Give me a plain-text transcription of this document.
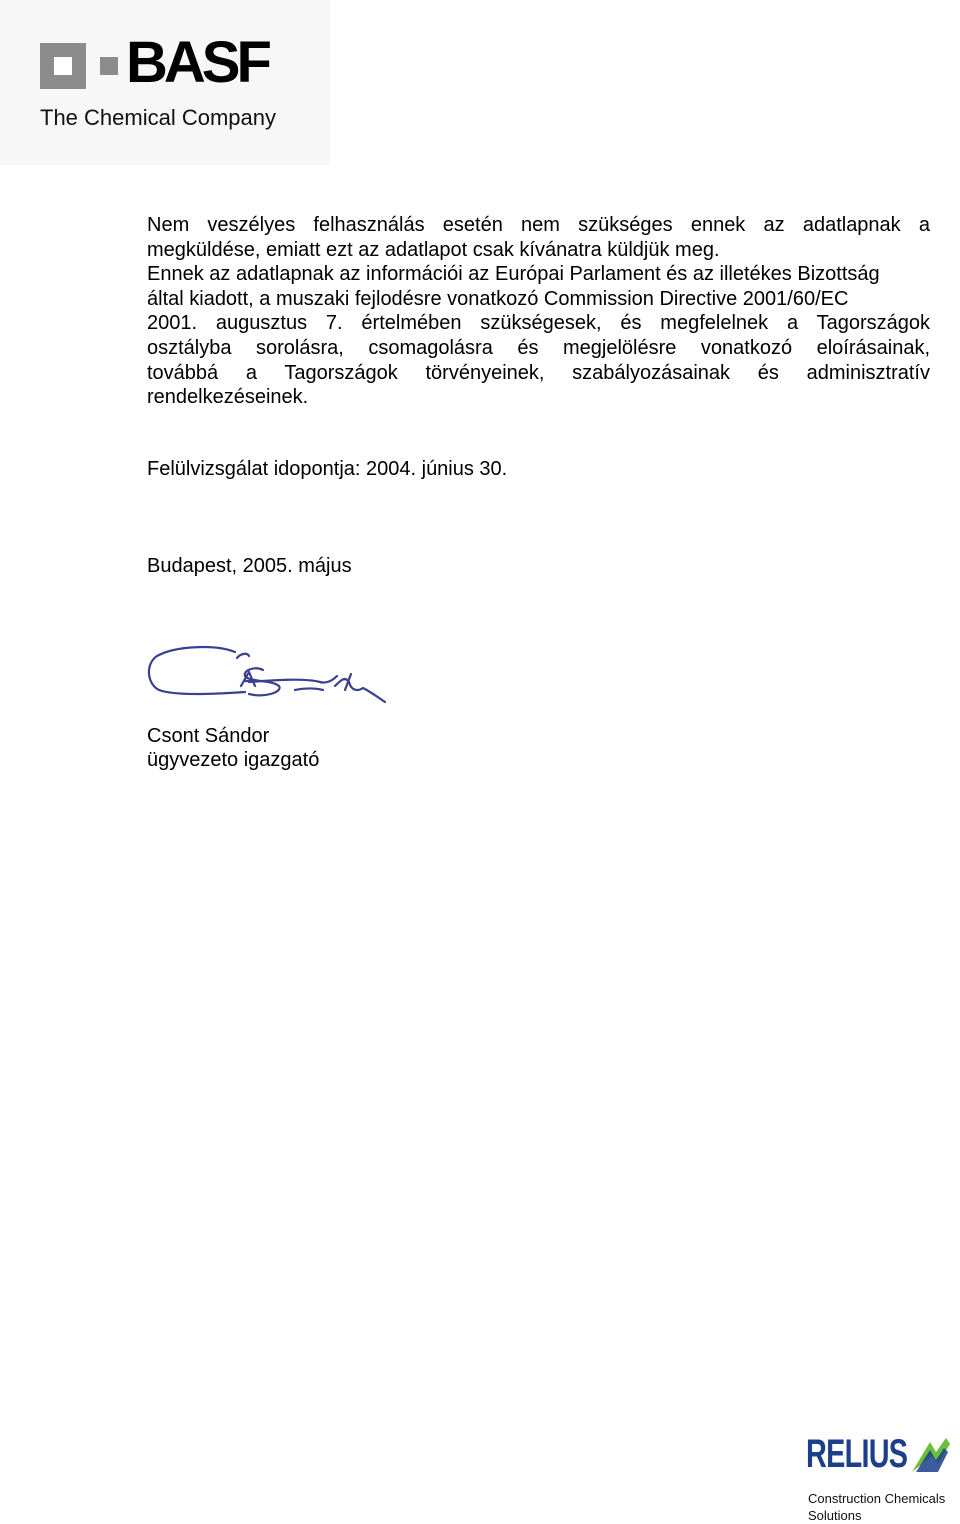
BASF
The Chemical Company
Nem veszélyes felhasználás esetén nem szükséges ennek az adatlapnak a
megküldése, emiatt ezt az adatlapot csak kívánatra küldjük meg.
Ennek az adatlapnak az információi az Európai Parlament és az illetékes Bizottság
által kiadott, a muszaki fejlodésre vonatkozó Commission Directive 2001/60/EC
2001. augusztus 7. értelmében szükségesek, és megfelelnek a Tagországok
osztályba sorolásra, csomagolásra és megjelölésre vonatkozó eloírásainak,
továbbá a Tagországok törvényeinek, szabályozásainak és adminisztratív
rendelkezéseinek.

Felülvizsgálat idopontja: 2004. június 30.

Budapest, 2005. május

Csont Sándor

ügyvezeto igazgató

RELIUS
Construction Chemicals
Solutions
